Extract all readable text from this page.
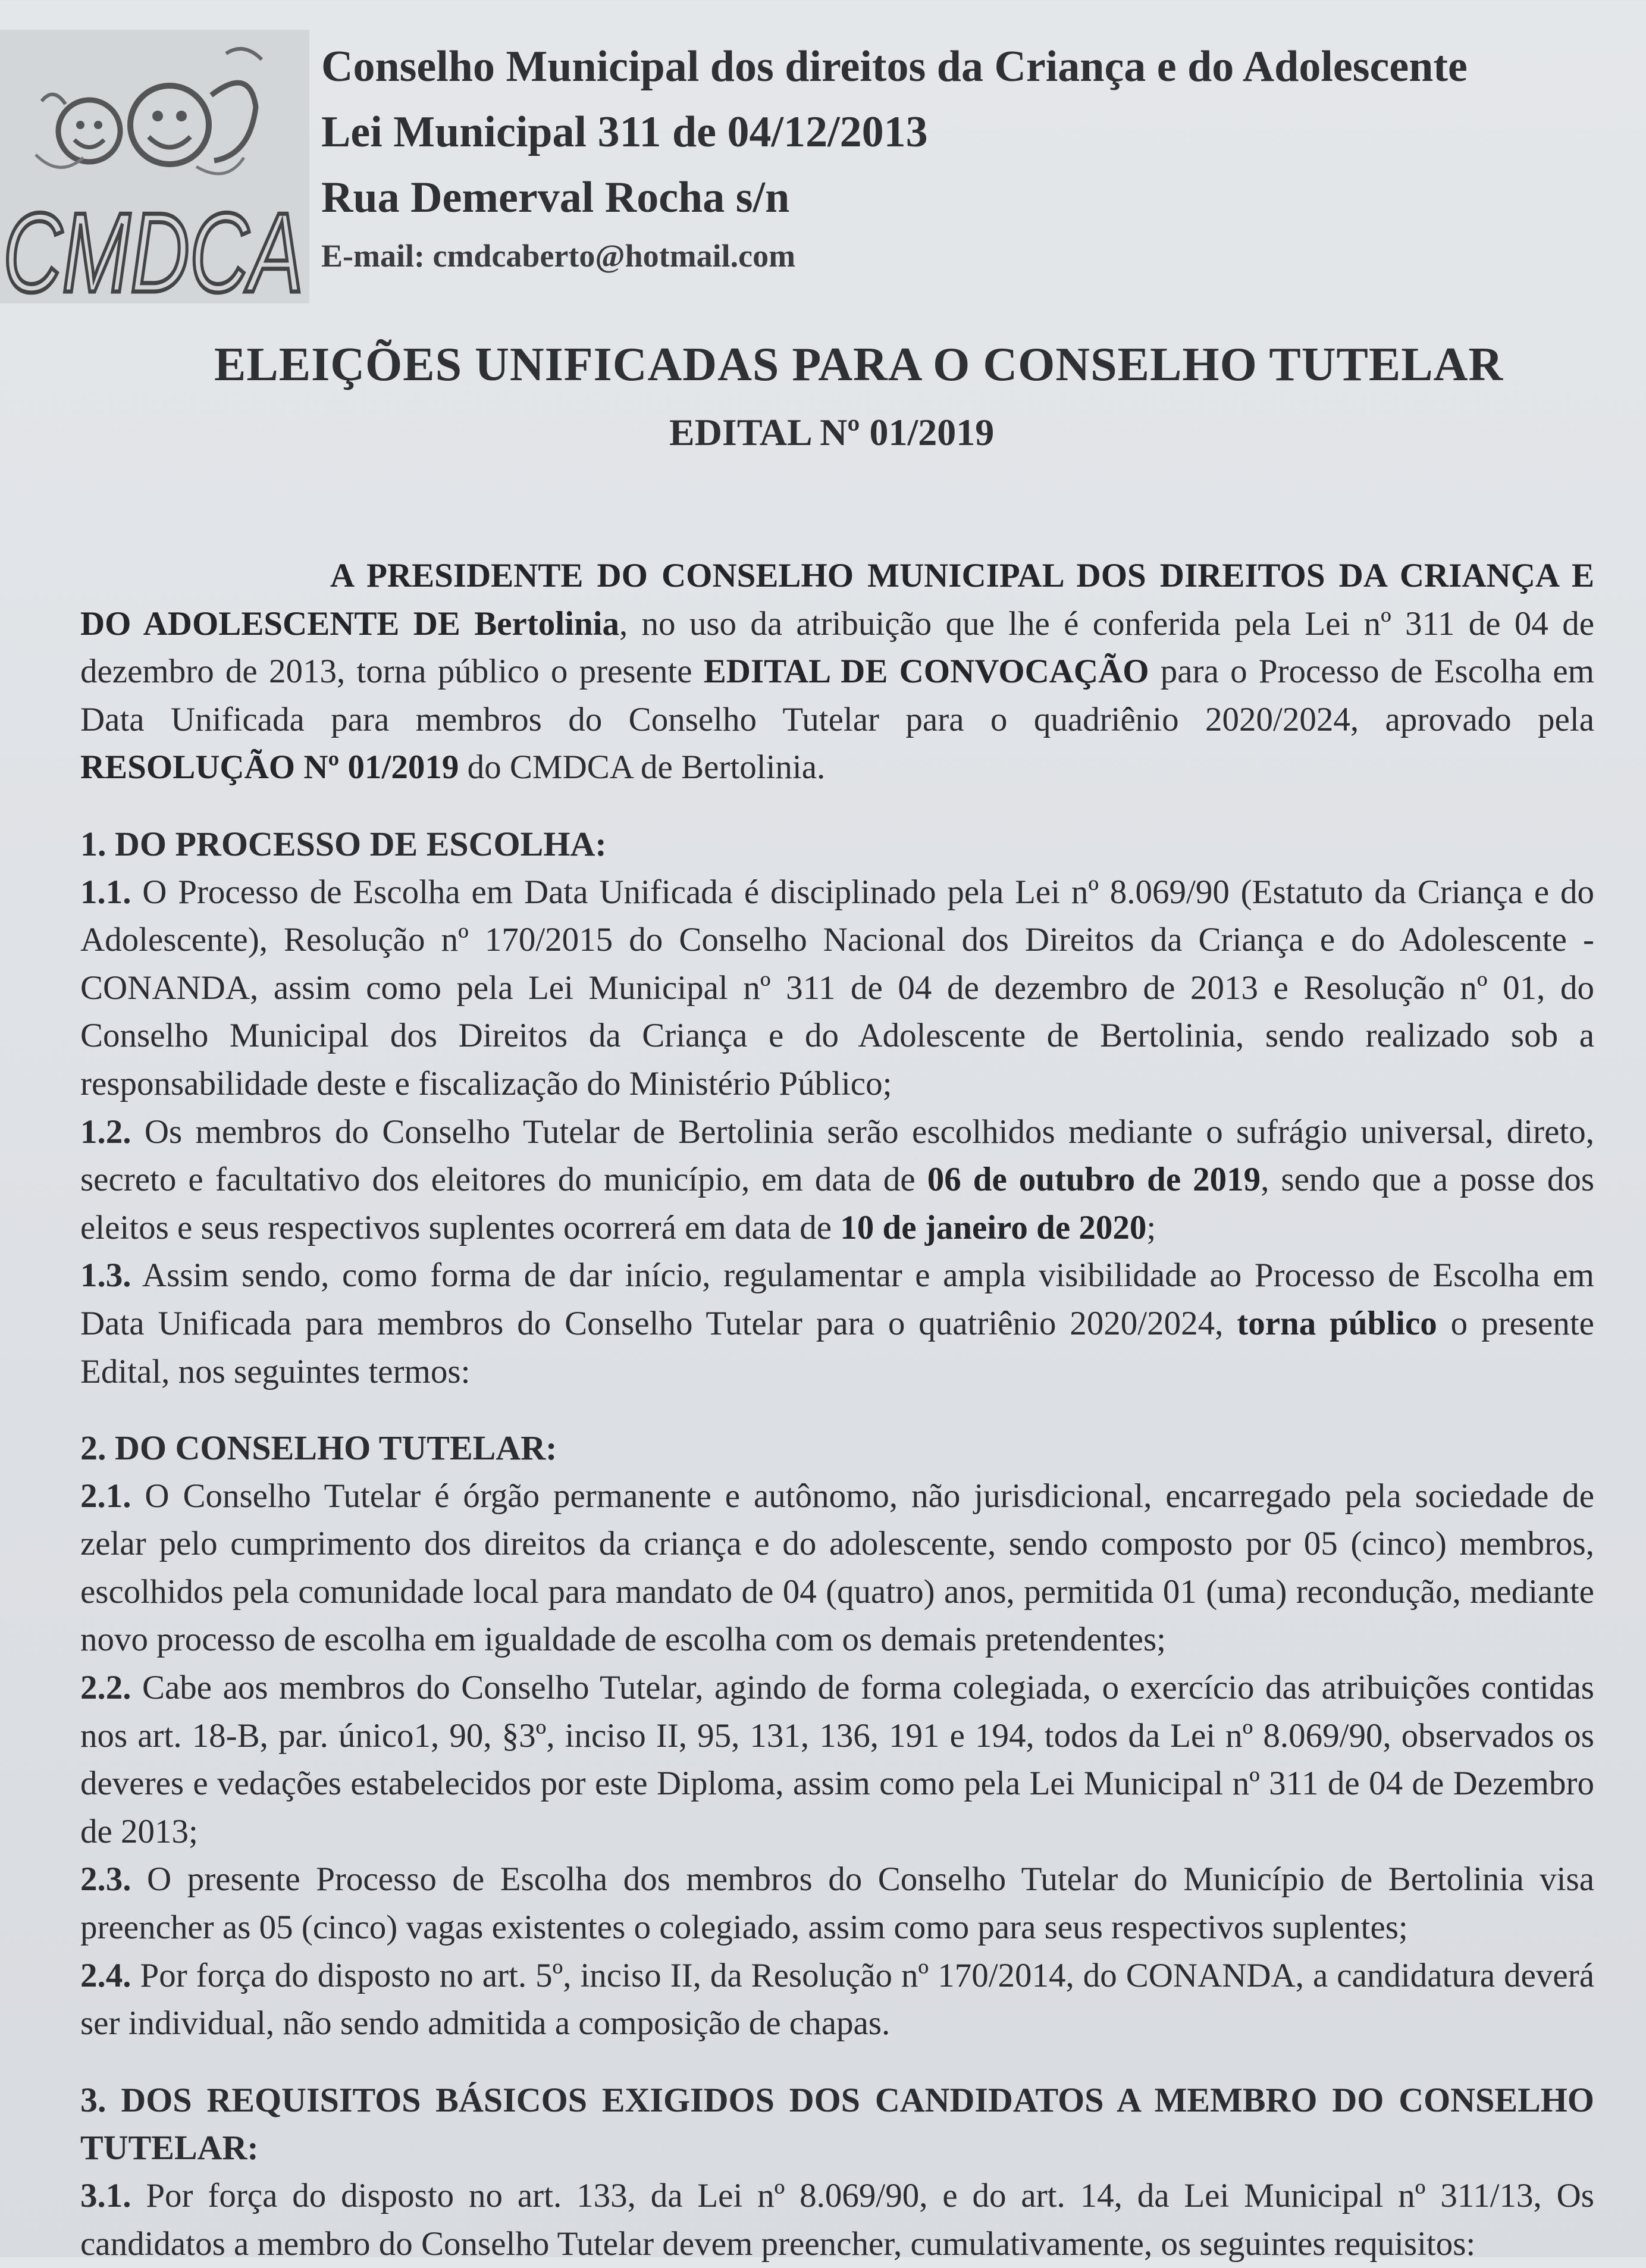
CMDCA
Conselho Municipal dos direitos da Criança e do Adolescente
Lei Municipal 311 de 04/12/2013
Rua Demerval Rocha s/n
E-mail: cmdcaberto@hotmail.com
ELEIÇÕES UNIFICADAS PARA O CONSELHO TUTELAR
EDITAL Nº 01/2019

A PRESIDENTE DO CONSELHO MUNICIPAL DOS DIREITOS DA CRIANÇA E DO ADOLESCENTE DE Bertolinia, no uso da atribuição que lhe é conferida pela Lei nº 311 de 04 de dezembro de 2013, torna público o presente EDITAL DE CONVOCAÇÃO para o Processo de Escolha em Data Unificada para membros do Conselho Tutelar para o quadriênio 2020/2024, aprovado pela RESOLUÇÃO Nº 01/2019 do CMDCA de Bertolinia.

1. DO PROCESSO DE ESCOLHA:

1.1. O Processo de Escolha em Data Unificada é disciplinado pela Lei nº 8.069/90 (Estatuto da Criança e do Adolescente), Resolução nº 170/2015 do Conselho Nacional dos Direitos da Criança e do Adolescente - CONANDA, assim como pela Lei Municipal nº 311 de 04 de dezembro de 2013 e Resolução nº 01, do Conselho Municipal dos Direitos da Criança e do Adolescente de Bertolinia, sendo realizado sob a responsabilidade deste e fiscalização do Ministério Público;

1.2. Os membros do Conselho Tutelar de Bertolinia serão escolhidos mediante o sufrágio universal, direto, secreto e facultativo dos eleitores do município, em data de 06 de outubro de 2019, sendo que a posse dos eleitos e seus respectivos suplentes ocorrerá em data de 10 de janeiro de 2020;

1.3. Assim sendo, como forma de dar início, regulamentar e ampla visibilidade ao Processo de Escolha em Data Unificada para membros do Conselho Tutelar para o quatriênio 2020/2024, torna público o presente Edital, nos seguintes termos:

2. DO CONSELHO TUTELAR:

2.1. O Conselho Tutelar é órgão permanente e autônomo, não jurisdicional, encarregado pela sociedade de zelar pelo cumprimento dos direitos da criança e do adolescente, sendo composto por 05 (cinco) membros, escolhidos pela comunidade local para mandato de 04 (quatro) anos, permitida 01 (uma) recondução, mediante novo processo de escolha em igualdade de escolha com os demais pretendentes;

2.2. Cabe aos membros do Conselho Tutelar, agindo de forma colegiada, o exercício das atribuições contidas nos art. 18-B, par. único1, 90, §3º, inciso II, 95, 131, 136, 191 e 194, todos da Lei nº 8.069/90, observados os deveres e vedações estabelecidos por este Diploma, assim como pela Lei Municipal nº 311 de 04 de Dezembro de 2013;

2.3. O presente Processo de Escolha dos membros do Conselho Tutelar do Município de Bertolinia visa preencher as 05 (cinco) vagas existentes o colegiado, assim como para seus respectivos suplentes;

2.4. Por força do disposto no art. 5º, inciso II, da Resolução nº 170/2014, do CONANDA, a candidatura deverá ser individual, não sendo admitida a composição de chapas.

3. DOS REQUISITOS BÁSICOS EXIGIDOS DOS CANDIDATOS A MEMBRO DO CONSELHO TUTELAR:

3.1. Por força do disposto no art. 133, da Lei nº 8.069/90, e do art. 14, da Lei Municipal nº 311/13, Os candidatos a membro do Conselho Tutelar devem preencher, cumulativamente, os seguintes requisitos:
